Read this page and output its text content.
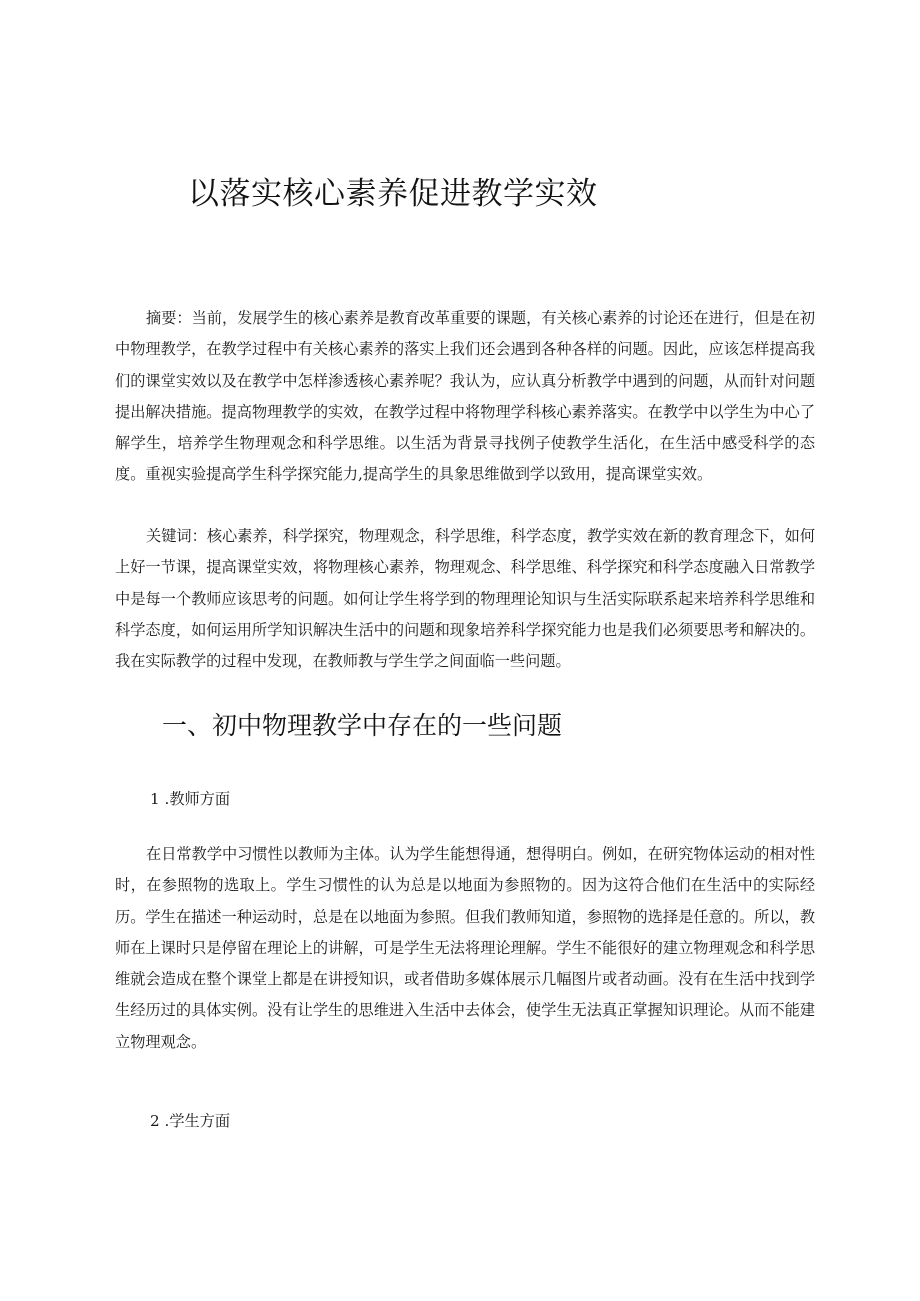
以落实核心素养促进教学实效

摘要：当前，发展学生的核心素养是教育改革重要的课题，有关核心素养的讨论还在进行，但是在初中物理教学，在教学过程中有关核心素养的落实上我们还会遇到各种各样的问题。因此，应该怎样提高我们的课堂实效以及在教学中怎样渗透核心素养呢？我认为，应认真分析教学中遇到的问题，从而针对问题提出解决措施。提高物理教学的实效，在教学过程中将物理学科核心素养落实。在教学中以学生为中心了解学生，培养学生物理观念和科学思维。以生活为背景寻找例子使教学生活化，在生活中感受科学的态度。重视实验提高学生科学探究能力,提高学生的具象思维做到学以致用，提高课堂实效。

关键词：核心素养，科学探究，物理观念，科学思维，科学态度，教学实效在新的教育理念下，如何上好一节课，提高课堂实效，将物理核心素养，物理观念、科学思维、科学探究和科学态度融入日常教学中是每一个教师应该思考的问题。如何让学生将学到的物理理论知识与生活实际联系起来培养科学思维和科学态度，如何运用所学知识解决生活中的问题和现象培养科学探究能力也是我们必须要思考和解决的。我在实际教学的过程中发现，在教师教与学生学之间面临一些问题。

一、初中物理教学中存在的一些问题
1 .教师方面

在日常教学中习惯性以教师为主体。认为学生能想得通，想得明白。例如，在研究物体运动的相对性时，在参照物的选取上。学生习惯性的认为总是以地面为参照物的。因为这符合他们在生活中的实际经历。学生在描述一种运动时，总是在以地面为参照。但我们教师知道，参照物的选择是任意的。所以，教师在上课时只是停留在理论上的讲解，可是学生无法将理论理解。学生不能很好的建立物理观念和科学思维就会造成在整个课堂上都是在讲授知识，或者借助多媒体展示几幅图片或者动画。没有在生活中找到学生经历过的具体实例。没有让学生的思维进入生活中去体会，使学生无法真正掌握知识理论。从而不能建立物理观念。

2 .学生方面
